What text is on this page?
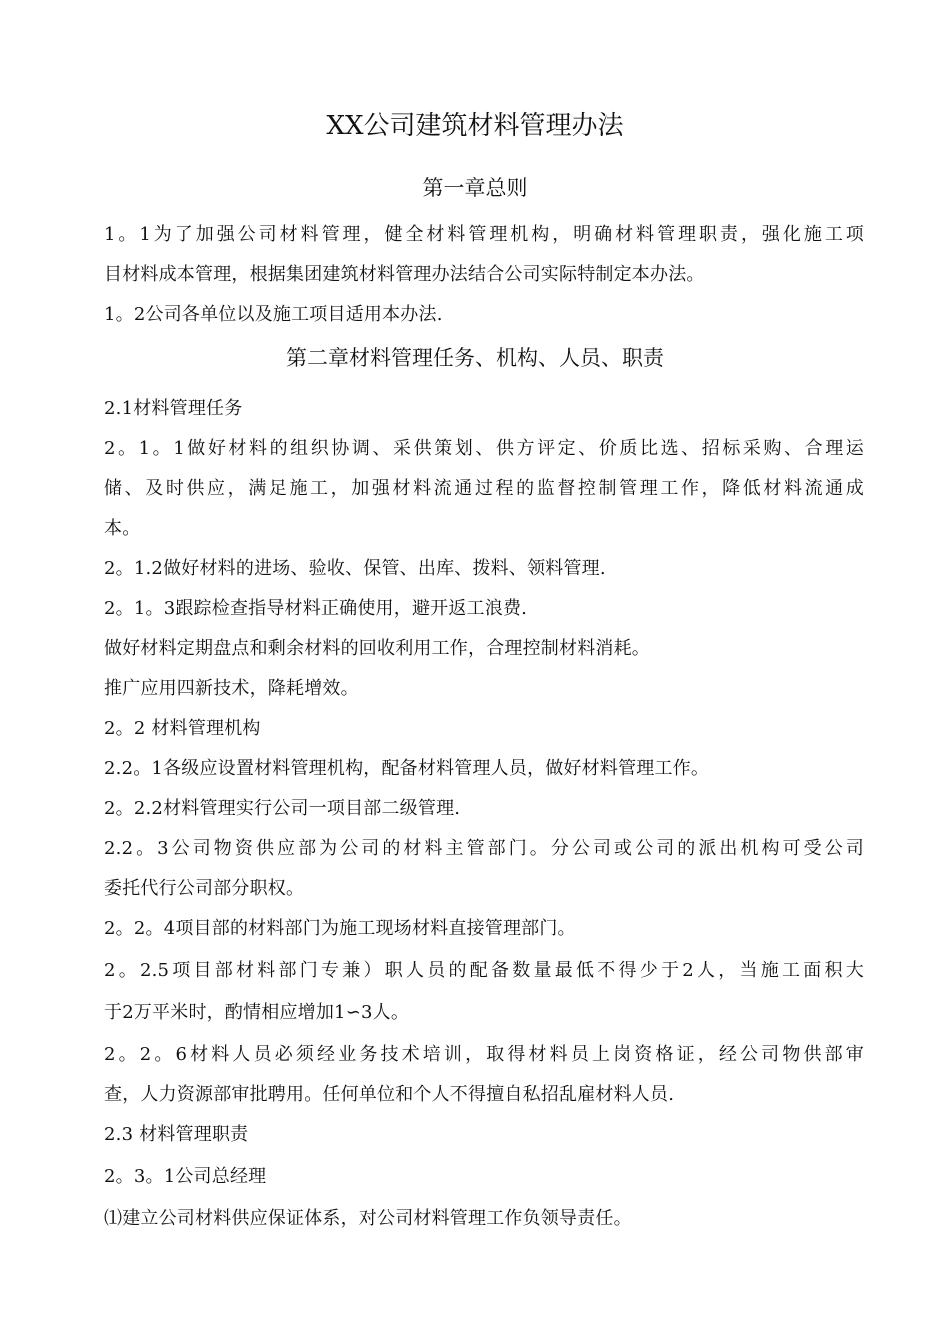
XX公司建筑材料管理办法
第一章总则
1。1为了加强公司材料管理，健全材料管理机构，明确材料管理职责，强化施工项
目材料成本管理，根据集团建筑材料管理办法结合公司实际特制定本办法。
1。2公司各单位以及施工项目适用本办法.
第二章材料管理任务、机构、人员、职责
2.1材料管理任务
2。1。1做好材料的组织协调、采供策划、供方评定、价质比选、招标采购、合理运
储、及时供应，满足施工，加强材料流通过程的监督控制管理工作，降低材料流通成
本。
2。1.2做好材料的进场、验收、保管、出库、拨料、领料管理.
2。1。3跟踪检查指导材料正确使用，避开返工浪费.
做好材料定期盘点和剩余材料的回收利用工作，合理控制材料消耗。
推广应用四新技术，降耗增效。
2。2 材料管理机构
2.2。1各级应设置材料管理机构，配备材料管理人员，做好材料管理工作。
2。2.2材料管理实行公司一项目部二级管理.
2.2。3公司物资供应部为公司的材料主管部门。分公司或公司的派出机构可受公司
委托代行公司部分职权。
2。2。4项目部的材料部门为施工现场材料直接管理部门。
2。2.5项目部材料部门专兼）职人员的配备数量最低不得少于2人，当施工面积大
于2万平米时，酌情相应增加1∽3人。
2。2。6材料人员必须经业务技术培训，取得材料员上岗资格证，经公司物供部审
查，人力资源部审批聘用。任何单位和个人不得擅自私招乱雇材料人员.
2.3 材料管理职责
2。3。1公司总经理
⑴建立公司材料供应保证体系，对公司材料管理工作负领导责任。
